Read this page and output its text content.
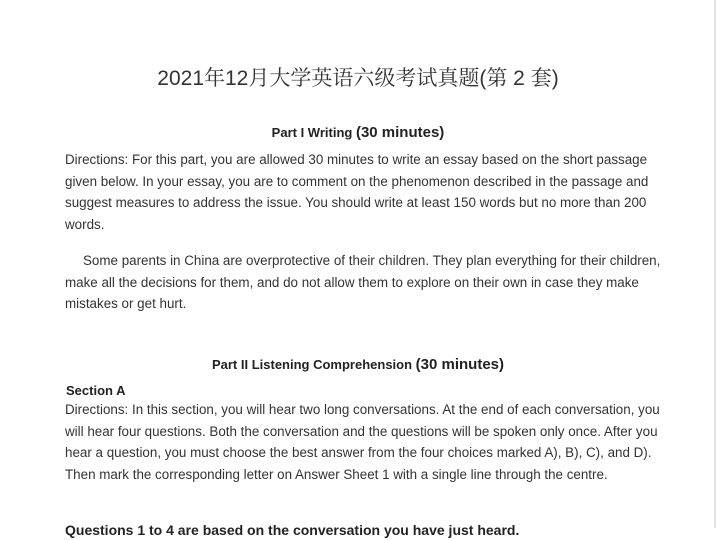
2021年12月大学英语六级考试真题(第 2 套)
Part I Writing (30 minutes)

Directions: For this part, you are allowed 30 minutes to write an essay based on the short passage given below. In your essay, you are to comment on the phenomenon described in the passage and suggest measures to address the issue. You should write at least 150 words but no more than 200 words.

Some parents in China are overprotective of their children. They plan everything for their children, make all the decisions for them, and do not allow them to explore on their own in case they make mistakes or get hurt.

Part II Listening Comprehension (30 minutes)
Section A

Directions: In this section, you will hear two long conversations. At the end of each conversation, you will hear four questions. Both the conversation and the questions will be spoken only once. After you hear a question, you must choose the best answer from the four choices marked A), B), C), and D). Then mark the corresponding letter on Answer Sheet 1 with a single line through the centre.

Questions 1 to 4 are based on the conversation you have just heard.
